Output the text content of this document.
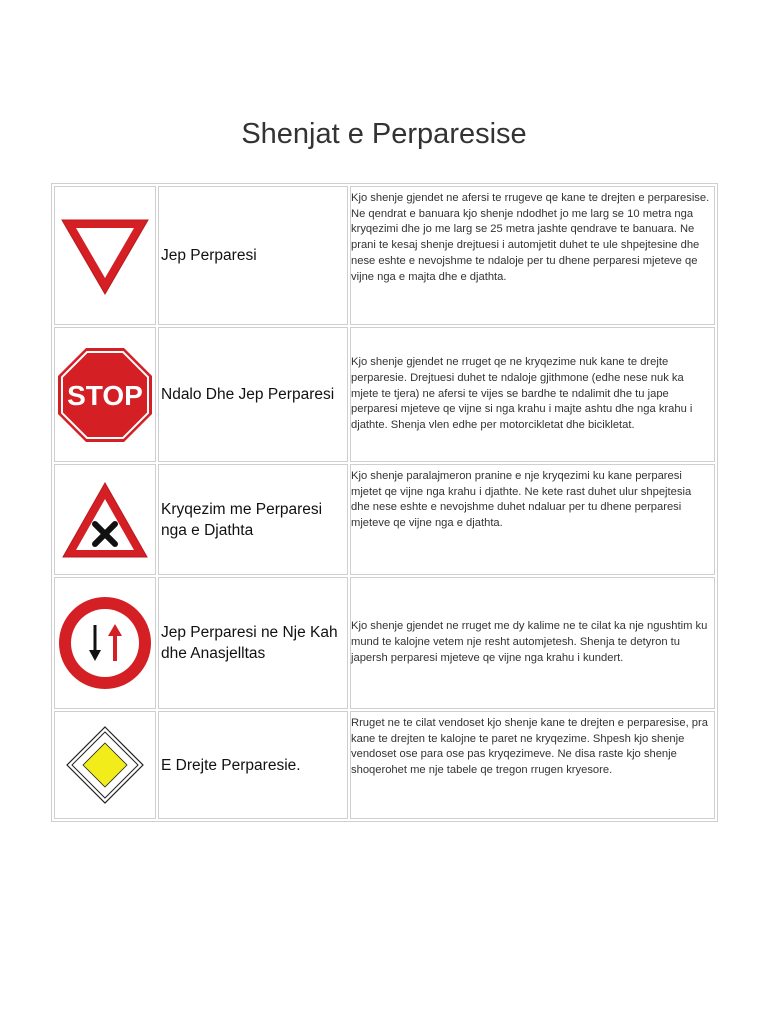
Shenjat e Perparesise
	Jep Perparesi	Kjo shenje gjendet ne afersi te rrugeve qe kane te drejten e perparesise. Ne qendrat e banuara kjo shenje ndodhet jo me larg se 10 metra nga kryqezimi dhe jo me larg se 25 metra jashte qendrave te banuara. Ne prani te kesaj shenje drejtuesi i automjetit duhet te ule shpejtesine dhe nese eshte e nevojshme te ndaloje per tu dhene perparesi mjeteve qe vijne nga e majta dhe e djathta.

STOP	Ndalo Dhe Jep Perparesi	Kjo shenje gjendet ne rruget qe ne kryqezime nuk kane te drejte perparesie. Drejtuesi duhet te ndaloje gjithmone (edhe nese nuk ka mjete te tjera) ne afersi te vijes se bardhe te ndalimit dhe tu jape perparesi mjeteve qe vijne si nga krahu i majte ashtu dhe nga krahu i djathte. Shenja vlen edhe per motorcikletat dhe bicikletat.

	Kryqezim me Perparesi nga e Djathta	Kjo shenje paralajmeron pranine e nje kryqezimi ku kane perparesi mjetet qe vijne nga krahu i djathte. Ne kete rast duhet ulur shpejtesia dhe nese eshte e nevojshme duhet ndaluar per tu dhene perparesi mjeteve qe vijne nga e djathta.

	Jep Perparesi ne Nje Kah dhe Anasjelltas	Kjo shenje gjendet ne rruget me dy kalime ne te cilat ka nje ngushtim ku mund te kalojne vetem nje resht automjetesh. Shenja te detyron tu japersh perparesi mjeteve qe vijne nga krahu i kundert.

	E Drejte Perparesie.	Rruget ne te cilat vendoset kjo shenje kane te drejten e perparesise, pra kane te drejten te kalojne te paret ne kryqezime. Shpesh kjo shenje vendoset ose para ose pas kryqezimeve. Ne disa raste kjo shenje shoqerohet me nje tabele qe tregon rrugen kryesore.
